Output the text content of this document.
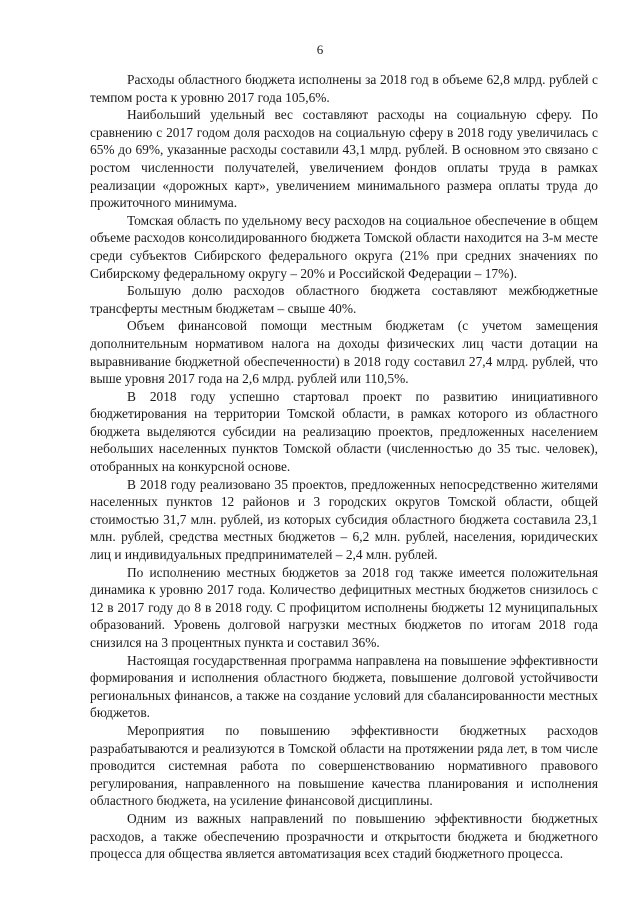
6

Расходы областного бюджета исполнены за 2018 год в объеме 62,8 млрд. рублей с темпом роста к уровню 2017 года 105,6%.

Наибольший удельный вес составляют расходы на социальную сферу. По сравнению с 2017 годом доля расходов на социальную сферу в 2018 году увеличилась с 65% до 69%, указанные расходы составили 43,1 млрд. рублей. В основном это связано с ростом численности получателей, увеличением фондов оплаты труда в рамках реализации «дорожных карт», увеличением минимального размера оплаты труда до прожиточного минимума.

Томская область по удельному весу расходов на социальное обеспечение в общем объеме расходов консолидированного бюджета Томской области находится на 3-м месте среди субъектов Сибирского федерального округа (21% при средних значениях по Сибирскому федеральному округу – 20% и Российской Федерации – 17%).

Большую долю расходов областного бюджета составляют межбюджетные трансферты местным бюджетам – свыше 40%.

Объем финансовой помощи местным бюджетам (с учетом замещения дополнительным нормативом налога на доходы физических лиц части дотации на выравнивание бюджетной обеспеченности) в 2018 году составил 27,4 млрд. рублей, что выше уровня 2017 года на 2,6 млрд. рублей или 110,5%.

В 2018 году успешно стартовал проект по развитию инициативного бюджетирования на территории Томской области, в рамках которого из областного бюджета выделяются субсидии на реализацию проектов, предложенных населением небольших населенных пунктов Томской области (численностью до 35 тыс. человек), отобранных на конкурсной основе.

В 2018 году реализовано 35 проектов, предложенных непосредственно жителями населенных пунктов 12 районов и 3 городских округов Томской области, общей стоимостью 31,7 млн. рублей, из которых субсидия областного бюджета составила 23,1 млн. рублей, средства местных бюджетов – 6,2 млн. рублей, населения, юридических лиц и индивидуальных предпринимателей – 2,4 млн. рублей.

По исполнению местных бюджетов за 2018 год также имеется положительная динамика к уровню 2017 года. Количество дефицитных местных бюджетов снизилось с 12 в 2017 году до 8 в 2018 году. С профицитом исполнены бюджеты 12 муниципальных образований. Уровень долговой нагрузки местных бюджетов по итогам 2018 года снизился на 3 процентных пункта и составил 36%.

Настоящая государственная программа направлена на повышение эффективности формирования и исполнения областного бюджета, повышение долговой устойчивости региональных финансов, а также на создание условий для сбалансированности местных бюджетов.

Мероприятия по повышению эффективности бюджетных расходов разрабатываются и реализуются в Томской области на протяжении ряда лет, в том числе проводится системная работа по совершенствованию нормативного правового регулирования, направленного на повышение качества планирования и исполнения областного бюджета, на усиление финансовой дисциплины.

Одним из важных направлений по повышению эффективности бюджетных расходов, а также обеспечению прозрачности и открытости бюджета и бюджетного процесса для общества является автоматизация всех стадий бюджетного процесса.
